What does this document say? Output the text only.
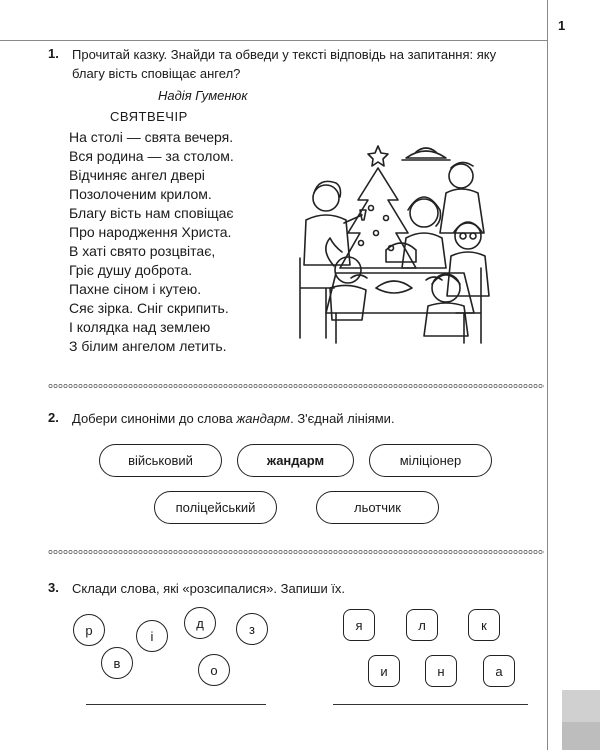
1
1. Прочитай казку. Знайди та обведи у тексті відповідь на запитання: яку
благу вість сповіщає ангел?
Надія Гуменюк
СВЯТВЕЧІР
На столі — свята вечеря.
Вся родина — за столом.
Відчиняє ангел двері
Позолоченим крилом.
Благу вість нам сповіщає
Про народження Христа.
В хаті свято розцвітає,
Гріє душу доброта.
Пахне сіном і кутею.
Сяє зірка. Сніг скрипить.
І колядка над землею
З білим ангелом летить.
2. Добери синоніми до слова жандарм. З'єднай лініями.
військовий	жандарм	міліціонер
поліцейський	льотчик
3. Склади слова, які «розсипалися». Запиши їх.
р	і
д	з
в	о
я	л	к
и	н	а
